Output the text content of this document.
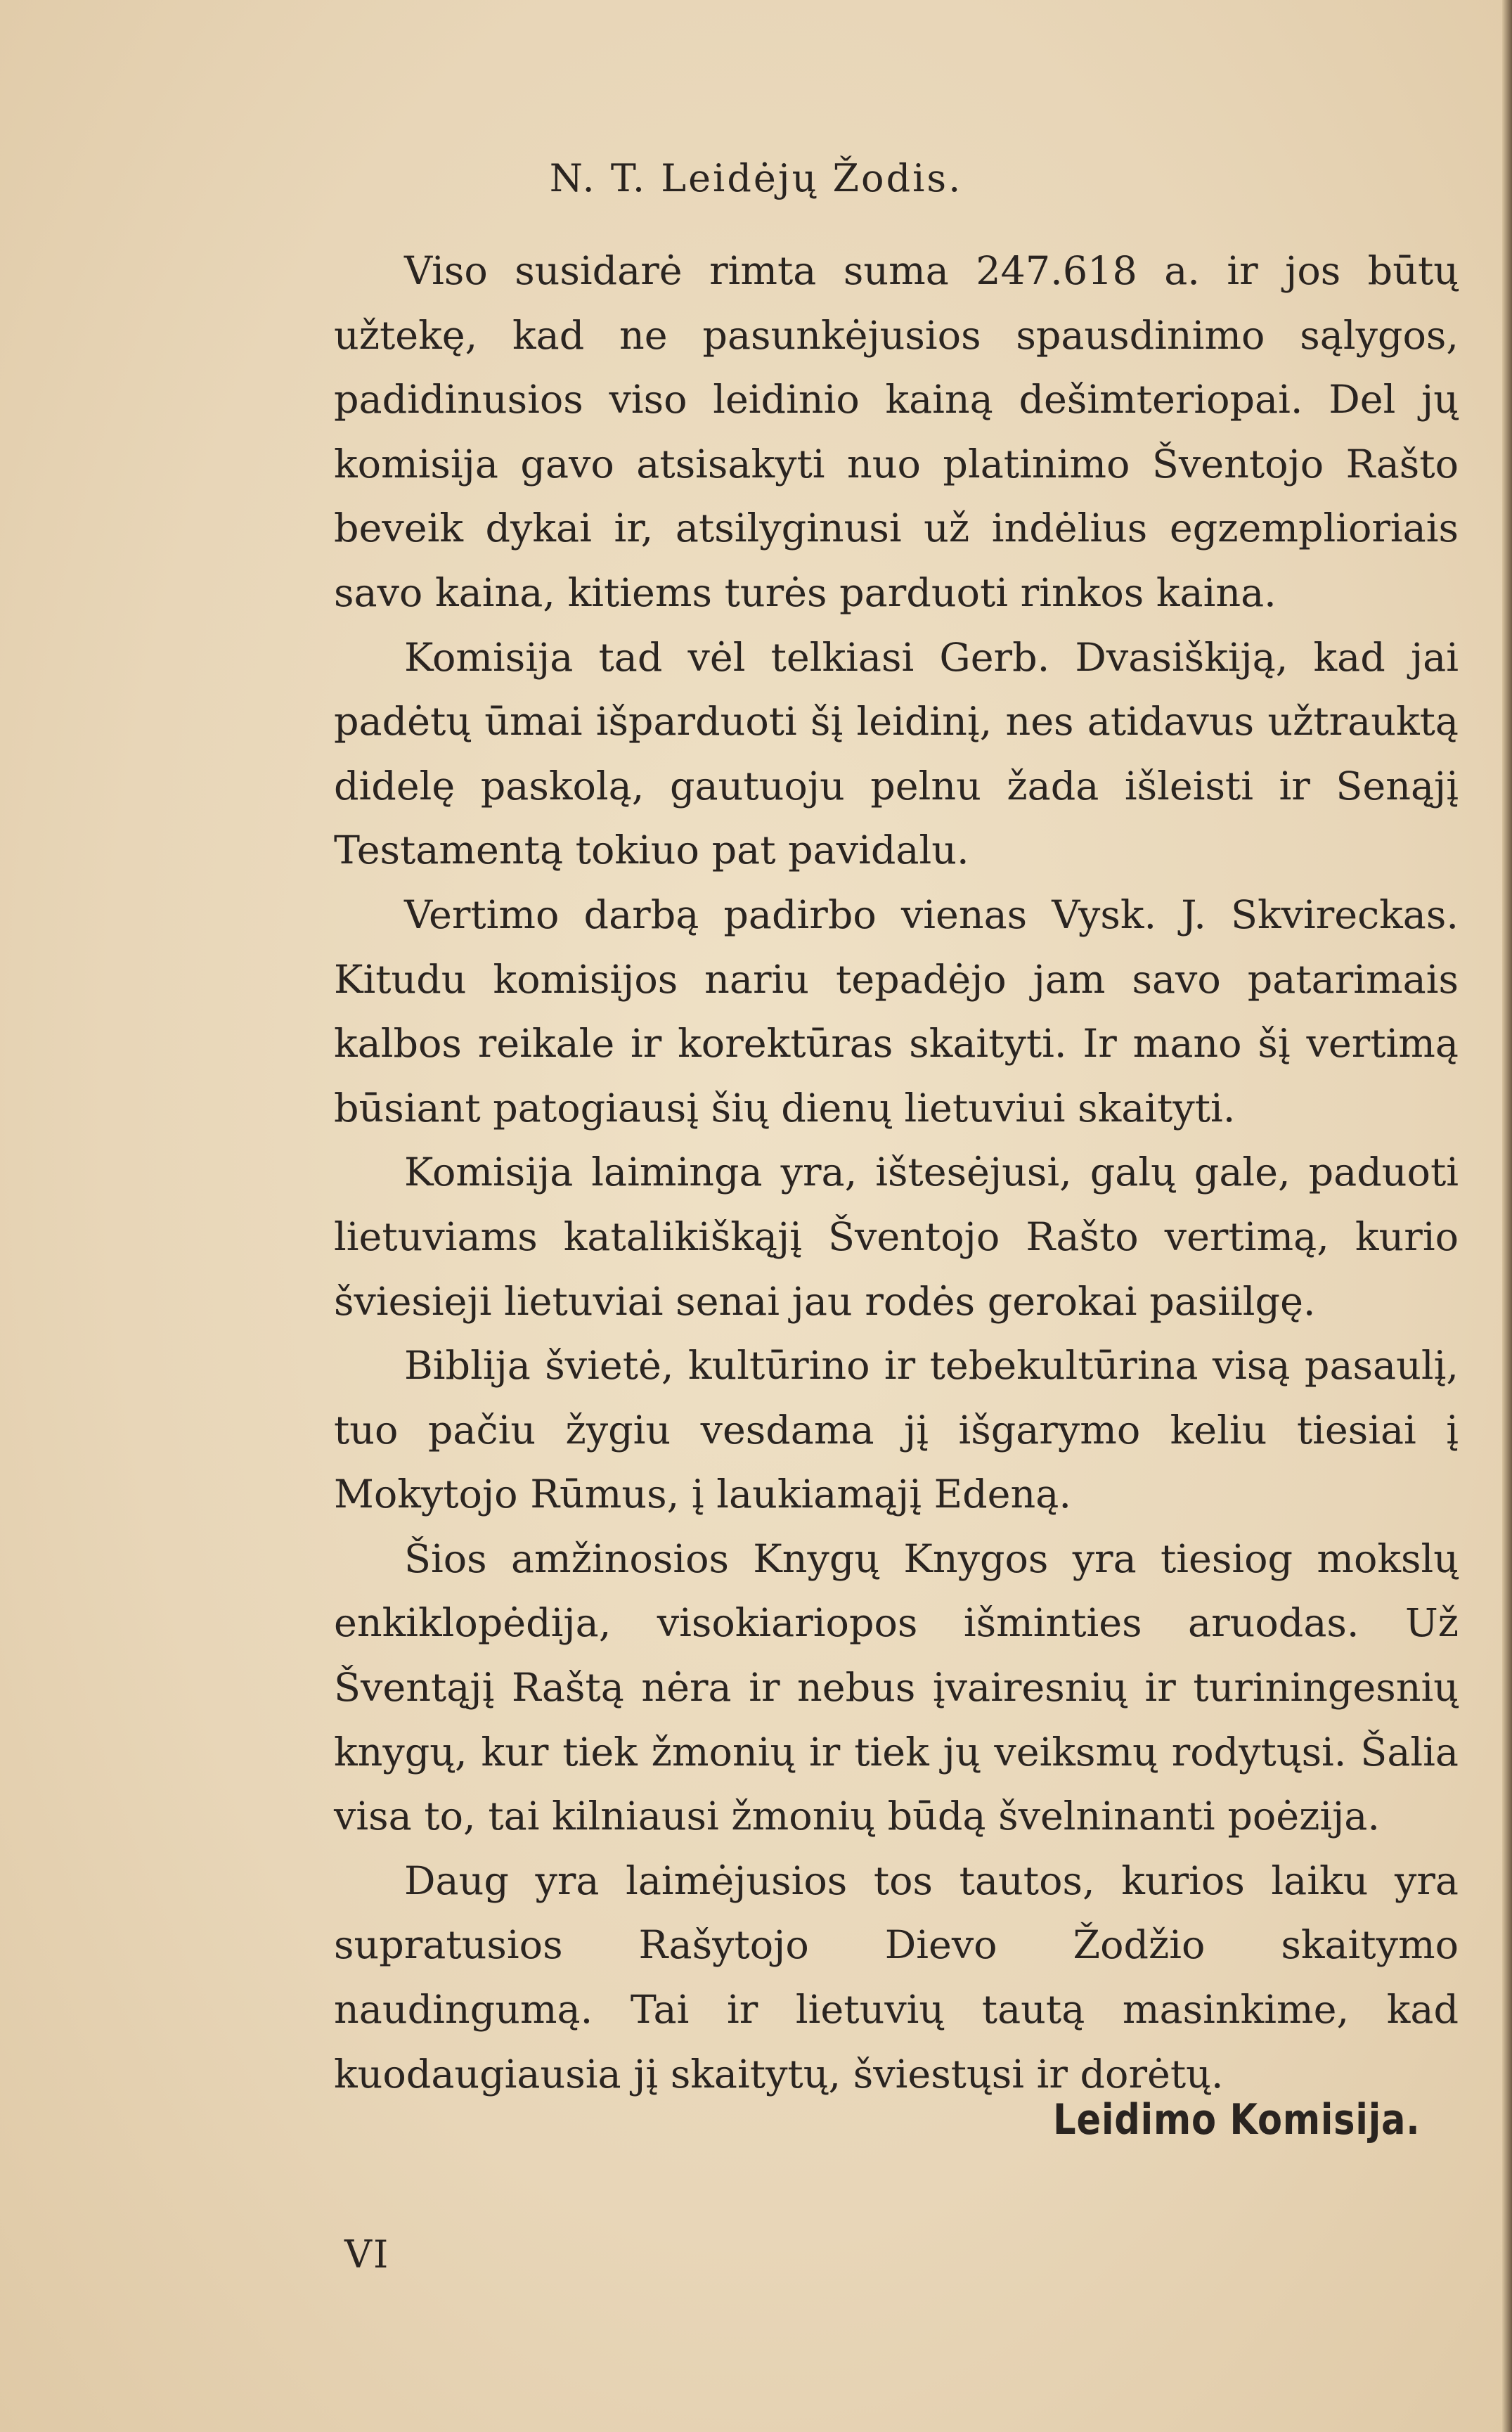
N. T. Leidėjų Žodis.

Viso susidarė rimta suma 247.618 a. ir jos būtų užtekę, kad ne pasunkėjusios spausdinimo sąlygos, padidinusios viso leidinio kainą dešimteriopai. Del jų komisija gavo atsisakyti nuo platinimo Šventojo Rašto beveik dykai ir, atsilyginusi už indėlius egzemplioriais savo kaina, kitiems turės parduoti rinkos kaina.

Komisija tad vėl telkiasi Gerb. Dvasiškiją, kad jai padėtų ūmai išparduoti šį leidinį, nes atidavus užtrauktą didelę paskolą, gautuoju pelnu žada išleisti ir Senąjį Testamentą tokiuo pat pavidalu.

Vertimo darbą padirbo vienas Vysk. J. Skvireckas. Kitudu komisijos nariu tepadėjo jam savo patarimais kalbos reikale ir korektūras skaityti. Ir mano šį vertimą būsiant patogiausį šių dienų lietuviui skaityti.

Komisija laiminga yra, ištesėjusi, galų gale, paduoti lietuviams katalikiškąjį Šventojo Rašto vertimą, kurio šviesieji lietuviai senai jau rodės gerokai pasiilgę.

Biblija švietė, kultūrino ir tebekultūrina visą pasaulį, tuo pačiu žygiu vesdama jį išgarymo keliu tiesiai į Mokytojo Rūmus, į laukiamąjį Edeną.

Šios amžinosios Knygų Knygos yra tiesiog mokslų enkiklopėdija, visokiariopos išminties aruodas. Už Šventąjį Raštą nėra ir nebus įvairesnių ir turiningesnių knygų, kur tiek žmonių ir tiek jų veiksmų rodytųsi. Šalia visa to, tai kilniausi žmonių būdą švelninanti poėzija.

Daug yra laimėjusios tos tautos, kurios laiku yra supratusios Rašytojo Dievo Žodžio skaitymo naudingumą. Tai ir lietuvių tautą masinkime, kad kuodaugiausia jį skaitytų, šviestųsi ir dorėtų.

Leidimo Komisija.
VI
